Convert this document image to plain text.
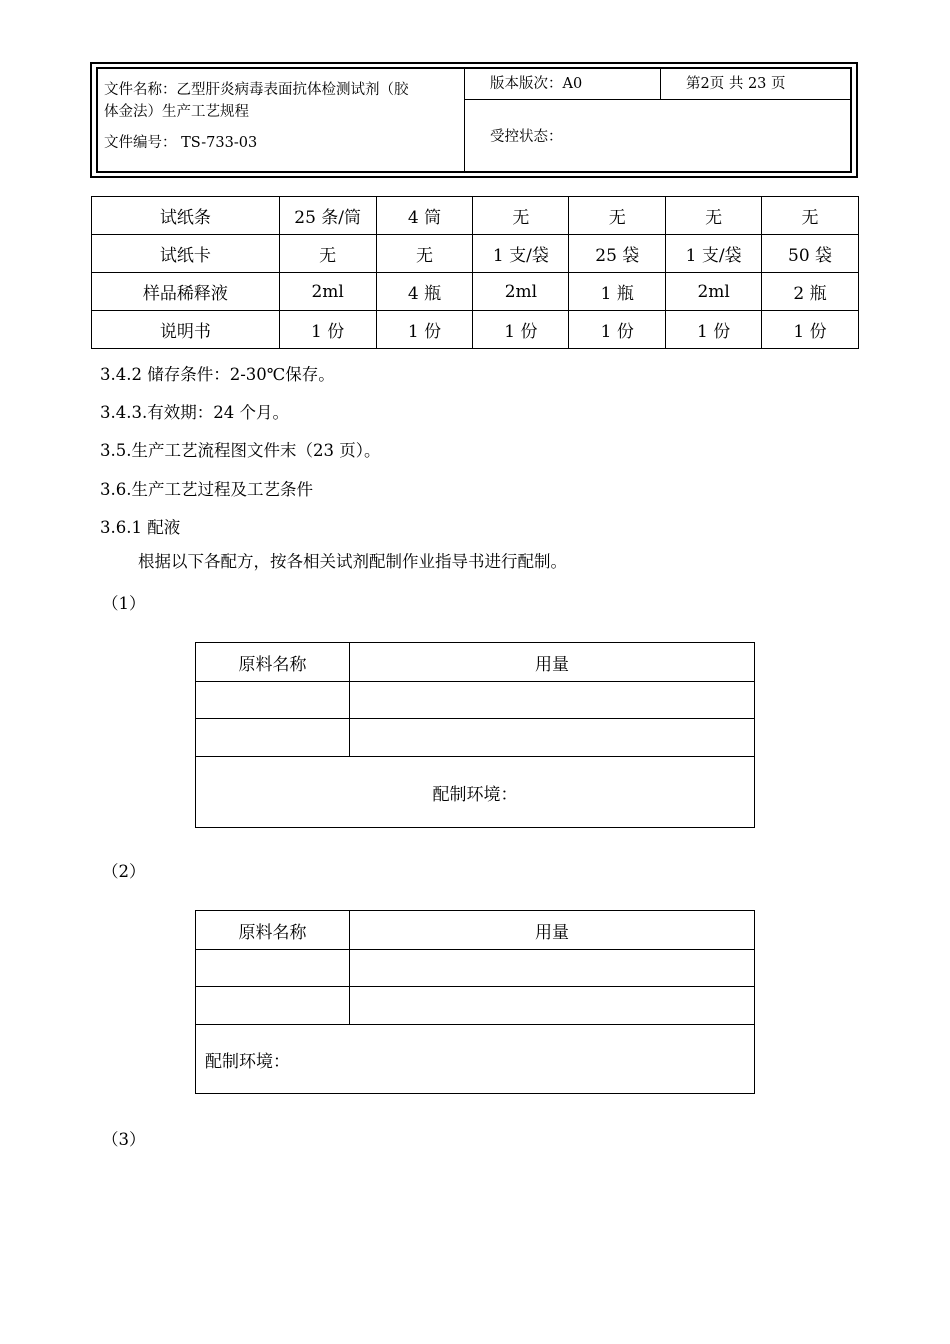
文件名称：乙型肝炎病毒表面抗体检测试剂（胶
体金法）生产工艺规程
文件编号： TS-733-03
版本版次：A0	第2页 共 23 页
受控状态：
试纸条	25 条/筒	4 筒	无	无	无	无
试纸卡	无	无	1 支/袋	25 袋	1 支/袋	50 袋
样品稀释液	2ml	4 瓶	2ml	1 瓶	2ml	2 瓶
说明书	1 份	1 份	1 份	1 份	1 份	1 份
3.4.2 储存条件：2-30℃保存。
3.4.3.有效期：24 个月。
3.5.生产工艺流程图文件末（23 页）。
3.6.生产工艺过程及工艺条件
3.6.1 配液
根据以下各配方，按各相关试剂配制作业指导书进行配制。
（1）
原料名称	用量

配制环境：	
（2）
原料名称	用量

配制环境：	
（3）
